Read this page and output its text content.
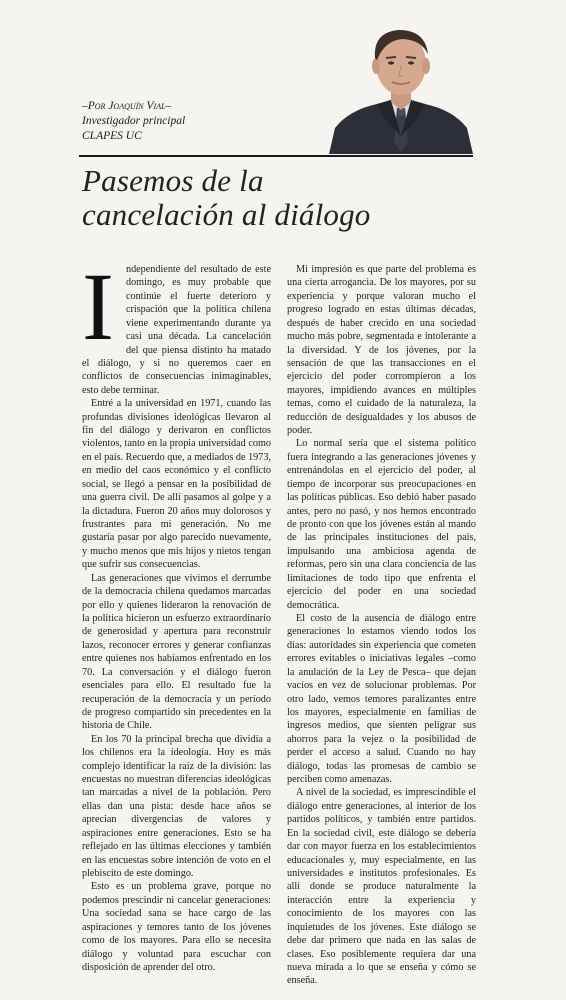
–Por Joaquín Vial–
Investigador principal
CLAPES UC
Pasemos de la
cancelación al diálogo

I ndependiente del resultado de este domingo, es muy probable que continúe el fuerte deterioro y crispación que la política chilena viene experimentando durante ya casi una década. La cancelación del que piensa distinto ha matado el diálogo, y si no queremos caer en conflictos de consecuencias inimaginables, esto debe terminar.

Entré a la universidad en 1971, cuando las profundas divisiones ideológicas llevaron al fin del diálogo y derivaron en conflictos violentos, tanto en la propia universidad como en el país. Recuerdo que, a mediados de 1973, en medio del caos económico y el conflicto social, se llegó a pensar en la posibilidad de una guerra civil. De allí pasamos al golpe y a la dictadura. Fueron 20 años muy dolorosos y frustrantes para mi generación. No me gustaría pasar por algo parecido nuevamente, y mucho menos que mis hijos y nietos tengan que sufrir sus consecuencias.

Las generaciones que vivimos el derrumbe de la democracia chilena quedamos marcadas por ello y quienes lideraron la renovación de la política hicieron un esfuerzo extraordinario de generosidad y apertura para reconstruir lazos, reconocer errores y generar confianzas entre quienes nos habíamos enfrentado en los 70. La conversación y el diálogo fueron esenciales para ello. El resultado fue la recuperación de la democracia y un período de progreso compartido sin precedentes en la historia de Chile.

En los 70 la principal brecha que dividía a los chilenos era la ideología. Hoy es más complejo identificar la raíz de la división: las encuestas no muestran diferencias ideológicas tan marcadas a nivel de la población. Pero ellas dan una pista: desde hace años se aprecian divergencias de valores y aspiraciones entre generaciones. Esto se ha reflejado en las últimas elecciones y también en las encuestas sobre intención de voto en el plebiscito de este domingo.

Esto es un problema grave, porque no podemos prescindir ni cancelar generaciones: Una sociedad sana se hace cargo de las aspiraciones y temores tanto de los jóvenes como de los mayores. Para ello se necesita diálogo y voluntad para escuchar con disposición de aprender del otro.

Mi impresión es que parte del problema es una cierta arrogancia. De los mayores, por su experiencia y porque valoran mucho el progreso logrado en estas últimas décadas, después de haber crecido en una sociedad mucho más pobre, segmentada e intolerante a la diversidad. Y de los jóvenes, por la sensación de que las transacciones en el ejercicio del poder corrompieron a los mayores, impidiendo avances en múltiples temas, como el cuidado de la naturaleza, la reducción de desigualdades y los abusos de poder.

Lo normal sería que el sistema político fuera integrando a las generaciones jóvenes y entrenándolas en el ejercicio del poder, al tiempo de incorporar sus preocupaciones en las políticas públicas. Eso debió haber pasado antes, pero no pasó, y nos hemos encontrado de pronto con que los jóvenes están al mando de las principales instituciones del país, impulsando una ambiciosa agenda de reformas, pero sin una clara conciencia de las limitaciones de todo tipo que enfrenta el ejercicio del poder en una sociedad democrática.

El costo de la ausencia de diálogo entre generaciones lo estamos viendo todos los días: autoridades sin experiencia que cometen errores evitables o iniciativas legales –como la anulación de la Ley de Pesca– que dejan vacíos en vez de solucionar problemas. Por otro lado, vemos temores paralizantes entre los mayores, especialmente en familias de ingresos medios, que sienten peligrar sus ahorros para la vejez o la posibilidad de perder el acceso a salud. Cuando no hay diálogo, todas las promesas de cambio se perciben como amenazas.

A nivel de la sociedad, es imprescindible el diálogo entre generaciones, al interior de los partidos políticos, y también entre partidos. En la sociedad civil, este diálogo se debería dar con mayor fuerza en los establecimientos educacionales y, muy especialmente, en las universidades e institutos profesionales. Es allí donde se produce naturalmente la interacción entre la experiencia y conocimiento de los mayores con las inquietudes de los jóvenes. Este diálogo se debe dar primero que nada en las salas de clases. Eso posiblemente requiera dar una nueva mirada a lo que se enseña y cómo se enseña.
